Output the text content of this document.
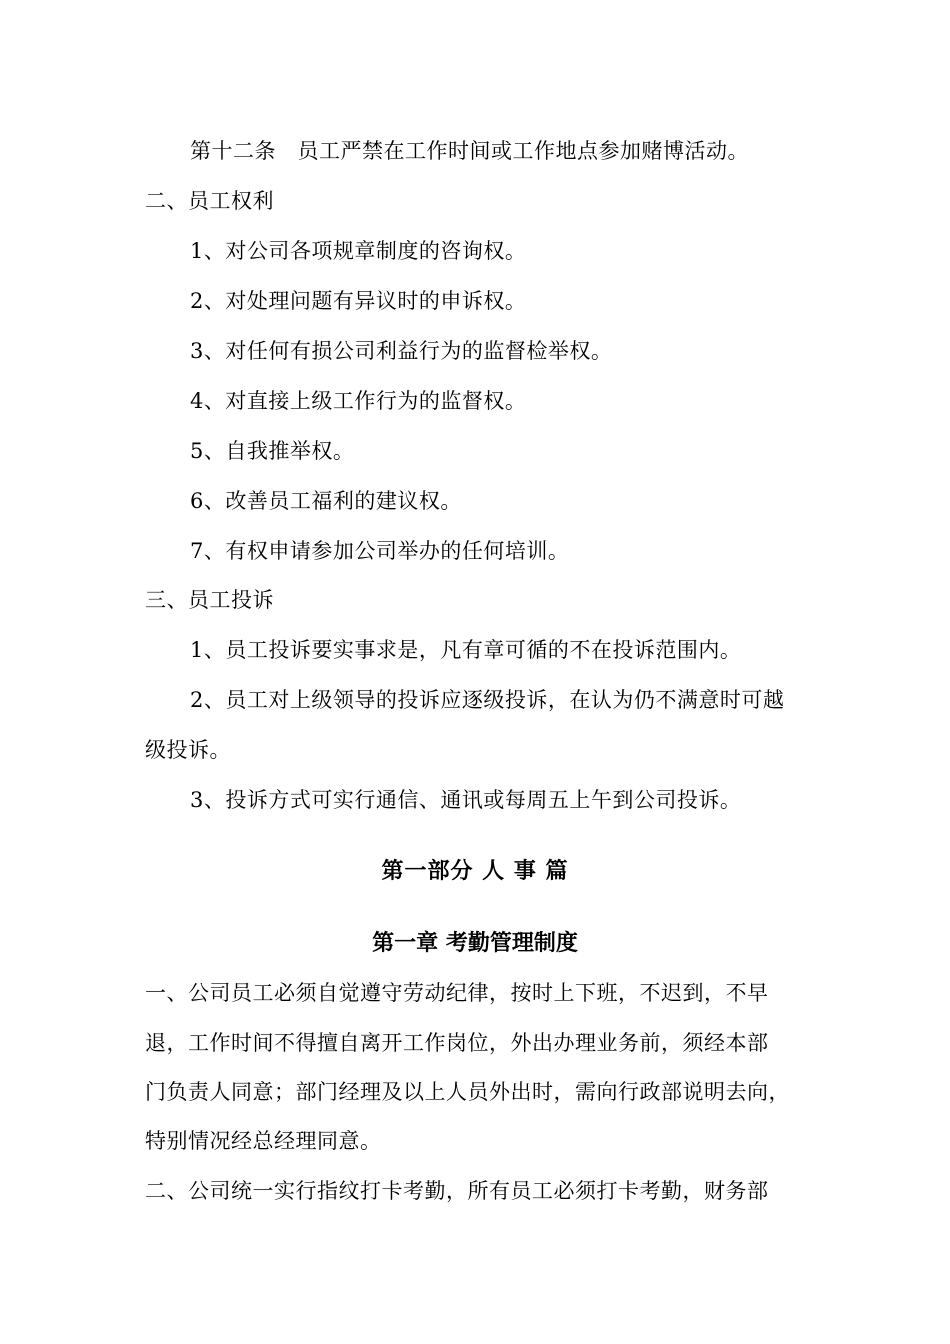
第十二条　员工严禁在工作时间或工作地点参加赌博活动。
二、员工权利
1、对公司各项规章制度的咨询权。
2、对处理问题有异议时的申诉权。
3、对任何有损公司利益行为的监督检举权。
4、对直接上级工作行为的监督权。
5、自我推举权。
6、改善员工福利的建议权。
7、有权申请参加公司举办的任何培训。
三、员工投诉
1、员工投诉要实事求是，凡有章可循的不在投诉范围内。
2、员工对上级领导的投诉应逐级投诉，在认为仍不满意时可越
级投诉。
3、投诉方式可实行通信、通讯或每周五上午到公司投诉。
第一部分 人 事 篇
第一章 考勤管理制度
一、公司员工必须自觉遵守劳动纪律，按时上下班，不迟到，不早
退，工作时间不得擅自离开工作岗位，外出办理业务前，须经本部
门负责人同意；部门经理及以上人员外出时，需向行政部说明去向，
特别情况经总经理同意。
二、公司统一实行指纹打卡考勤，所有员工必须打卡考勤，财务部
